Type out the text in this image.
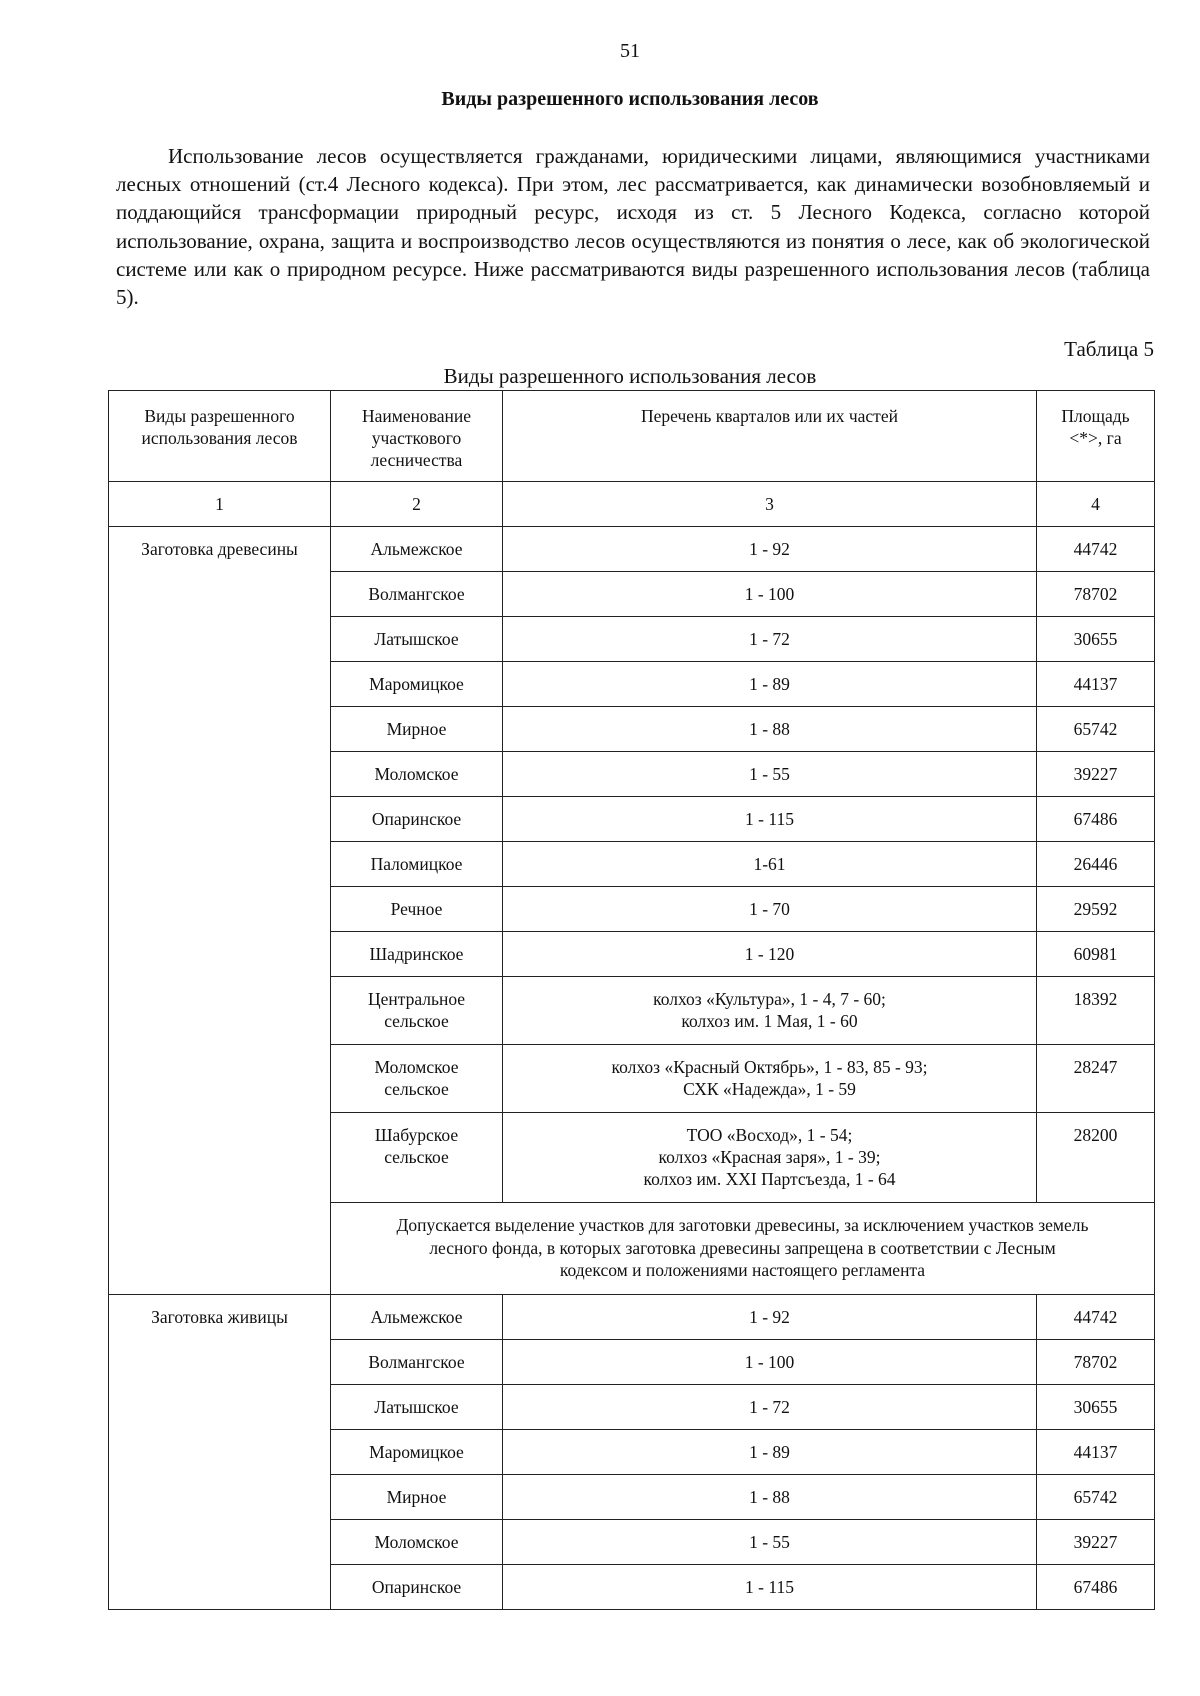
51
Виды разрешенного использования лесов

Использование лесов осуществляется гражданами, юридическими лицами, являющимися участниками лесных отношений (ст.4 Лесного кодекса). При этом, лес рассматривается, как динамически возобновляемый и поддающийся трансформации природный ресурс, исходя из ст. 5 Лесного Кодекса, согласно которой использование, охрана, защита и воспроизводство лесов осуществляются из понятия о лесе, как об экологической системе или как о природном ресурсе. Ниже рассматриваются виды разрешенного использования лесов (таблица 5).

Таблица 5
Виды разрешенного использования лесов
Виды разрешенного
использования лесов	Наименование
участкового
лесничества	Перечень кварталов или их частей	Площадь
<*>, га

1	2	3	4
Заготовка древесины	Альмежское	1 - 92	44742

	Волмангское	1 - 100	78702

	Латышское	1 - 72	30655

	Маромицкое	1 - 89	44137

	Мирное	1 - 88	65742

	Моломское	1 - 55	39227

	Опаринское	1 - 115	67486

	Паломицкое	1-61	26446

	Речное	1 - 70	29592

	Шадринское	1 - 120	60981

	Центральное
сельское	колхоз «Культура», 1 - 4, 7 - 60;
колхоз им. 1 Мая, 1 - 60	18392

	Моломское
сельское	колхоз «Красный Октябрь», 1 - 83, 85 - 93;
СХК «Надежда», 1 - 59	28247

	Шабурское
сельское	ТОО «Восход», 1 - 54;
колхоз «Красная заря», 1 - 39;
колхоз им. XXI Партсъезда, 1 - 64	28200

	Допускается выделение участков для заготовки древесины, за исключением участков земель
лесного фонда, в которых заготовка древесины запрещена в соответствии с Лесным
кодексом и положениями настоящего регламента		

Заготовка живицы	Альмежское	1 - 92	44742

	Волмангское	1 - 100	78702

	Латышское	1 - 72	30655

	Маромицкое	1 - 89	44137

	Мирное	1 - 88	65742

	Моломское	1 - 55	39227

	Опаринское	1 - 115	67486
